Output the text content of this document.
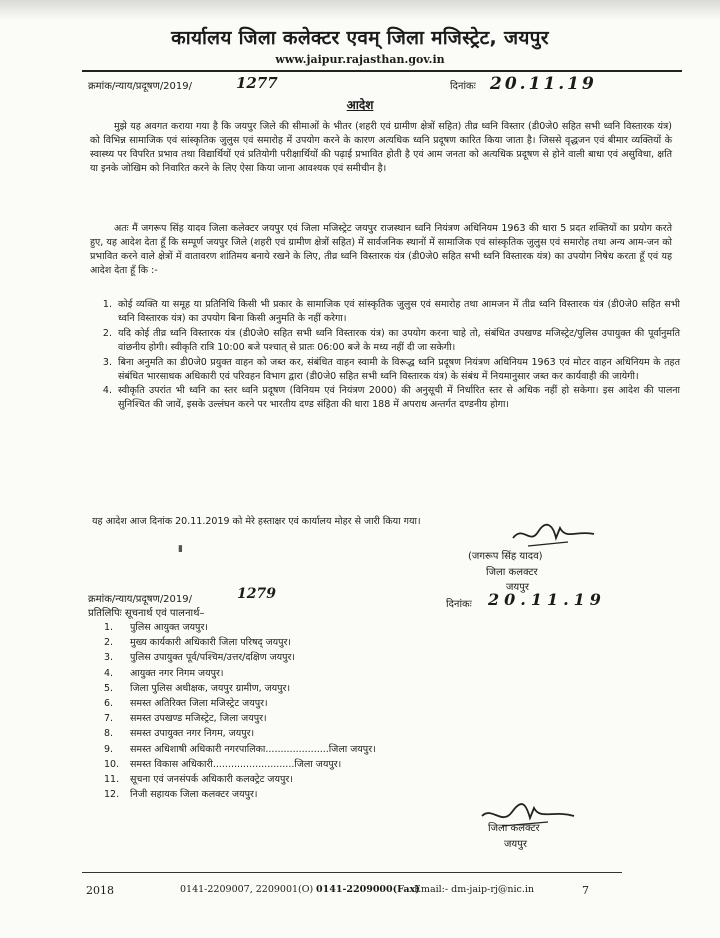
कार्यालय जिला कलेक्टर एवम् जिला मजिस्ट्रेट, जयपुर
www.jaipur.rajasthan.gov.in
क्रमांक/न्याय/प्रदूषण/2019/	1277	दिनांकः 20.11.19
आदेश
मुझे यह अवगत कराया गया है कि जयपुर जिले की सीमाओं के भीतर (शहरी एवं ग्रामीण क्षेत्रों सहित) तीव्र ध्वनि विस्तार (डी0जे0 सहित सभी ध्वनि विस्तारक यंत्र) को विभिन्न सामाजिक एवं सांस्कृतिक जुलुस एवं समारोह में उपयोग करने के कारण अत्यधिक ध्वनि प्रदूषण कारित किया जाता है। जिससे वृद्धजन एवं बीमार व्यक्तियों के स्वास्थ्य पर विपरित प्रभाव तथा विद्यार्थियों एवं प्रतियोगी परीक्षार्थियों की पढ़ाई प्रभावित होती है एवं आम जनता को अत्यधिक प्रदूषण से होने वाली बाधा एवं असुविधा, क्षति या इनके जोखिम को निवारित करने के लिए ऐसा किया जाना आवश्यक एवं समीचीन है।
अतः मैं जगरूप सिंह यादव जिला कलेक्टर जयपुर एवं जिला मजिस्ट्रेट जयपुर राजस्थान ध्वनि नियंत्रण अधिनियम 1963 की धारा 5 प्रदत शक्तियों का प्रयोग करते हुए, यह आदेश देता हूँ कि सम्पूर्ण जयपुर जिले (शहरी एवं ग्रामीण क्षेत्रों सहित) में सार्वजनिक स्थानों में सामाजिक एवं सांस्कृतिक जुलुस एवं समारोह तथा अन्य आम-जन को प्रभावित करने वाले क्षेत्रों में वातावरण शांतिमय बनाये रखने के लिए, तीव्र ध्वनि विस्तारक यंत्र (डी0जे0 सहित सभी ध्वनि विस्तारक यंत्र) का उपयोग निषेध करता हूँ एवं यह आदेश देता हूँ कि :-
1. कोई व्यक्ति या समूह या प्रतिनिधि किसी भी प्रकार के सामाजिक एवं सांस्कृतिक जुलुस एवं समारोह तथा आमजन में तीव्र ध्वनि विस्तारक यंत्र (डी0जे0 सहित सभी ध्वनि विस्तारक यंत्र) का उपयोग बिना किसी अनुमति के नहीं करेगा।
2. यदि कोई तीव्र ध्वनि विस्तारक यंत्र (डी0जे0 सहित सभी ध्वनि विस्तारक यंत्र) का उपयोग करना चाहे तो, संबंधित उपखण्ड मजिस्ट्रेट/पुलिस उपायुक्त की पूर्वानुमति वांछनीय होगी। स्वीकृति रात्रि 10:00 बजे पश्चात् से प्रातः 06:00 बजे के मध्य नहीं दी जा सकेगी।
3. बिना अनुमति का डी0जे0 प्रयुक्त वाहन को जब्त कर, संबंधित वाहन स्वामी के विरूद्ध ध्वनि प्रदूषण नियंत्रण अधिनियम 1963 एवं मोटर वाहन अधिनियम के तहत संबंधित भारसाधक अधिकारी एवं परिवहन विभाग द्वारा (डी0जे0 सहित सभी ध्वनि विस्तारक यंत्र) के संबंध में नियमानुसार जब्त कर कार्यवाही की जायेगी।
4. स्वीकृति उपरांत भी ध्वनि का स्तर ध्वनि प्रदूषण (विनियम एवं नियंत्रण 2000) की अनुसूची में निर्धारित स्तर से अधिक नहीं हो सकेगा। इस आदेश की पालना सुनिश्चित की जावें, इसके उल्लंघन करने पर भारतीय दण्ड संहिता की धारा 188 में अपराध अन्तर्गत दण्डनीय होगा।
यह आदेश आज दिनांक 20.11.2019 को मेरे हस्ताक्षर एवं कार्यालय मोहर से जारी किया गया।
▮
(जगरूप सिंह यादव)
जिला कलक्टर
जयपुर
क्रमांक/न्याय/प्रदूषण/2019/	1279
दिनांकः 20.11.19
प्रतिलिपिः सूचनार्थ एवं पालनार्थ–
1.	पुलिस आयुक्त जयपुर।
2.	मुख्य कार्यकारी अधिकारी जिला परिषद् जयपुर।
3.	पुलिस उपायुक्त पूर्व/पश्चिम/उत्तर/दक्षिण जयपुर।
4.	आयुक्त नगर निगम जयपुर।
5.	जिला पुलिस अधीक्षक, जयपुर ग्रामीण, जयपुर।
6.	समस्त अतिरिक्त जिला मजिस्ट्रेट जयपुर।
7.	समस्त उपखण्ड मजिस्ट्रेट, जिला जयपुर।
8.	समस्त उपायुक्त नगर निगम, जयपुर।
9.	समस्त अधिशाषी अधिकारी नगरपालिका.....................जिला जयपुर।
10.	समस्त विकास अधिकारी...........................जिला जयपुर।
11.	सूचना एवं जनसंपर्क अधिकारी कलक्ट्रेट जयपुर।
12.	निजी सहायक जिला कलक्टर जयपुर।
जिला कलक्टर
जयपुर
2018	0141-2209007, 2209001(O) 0141-2209000(Fax)
Email:- dm-jaip-rj@nic.in	7
